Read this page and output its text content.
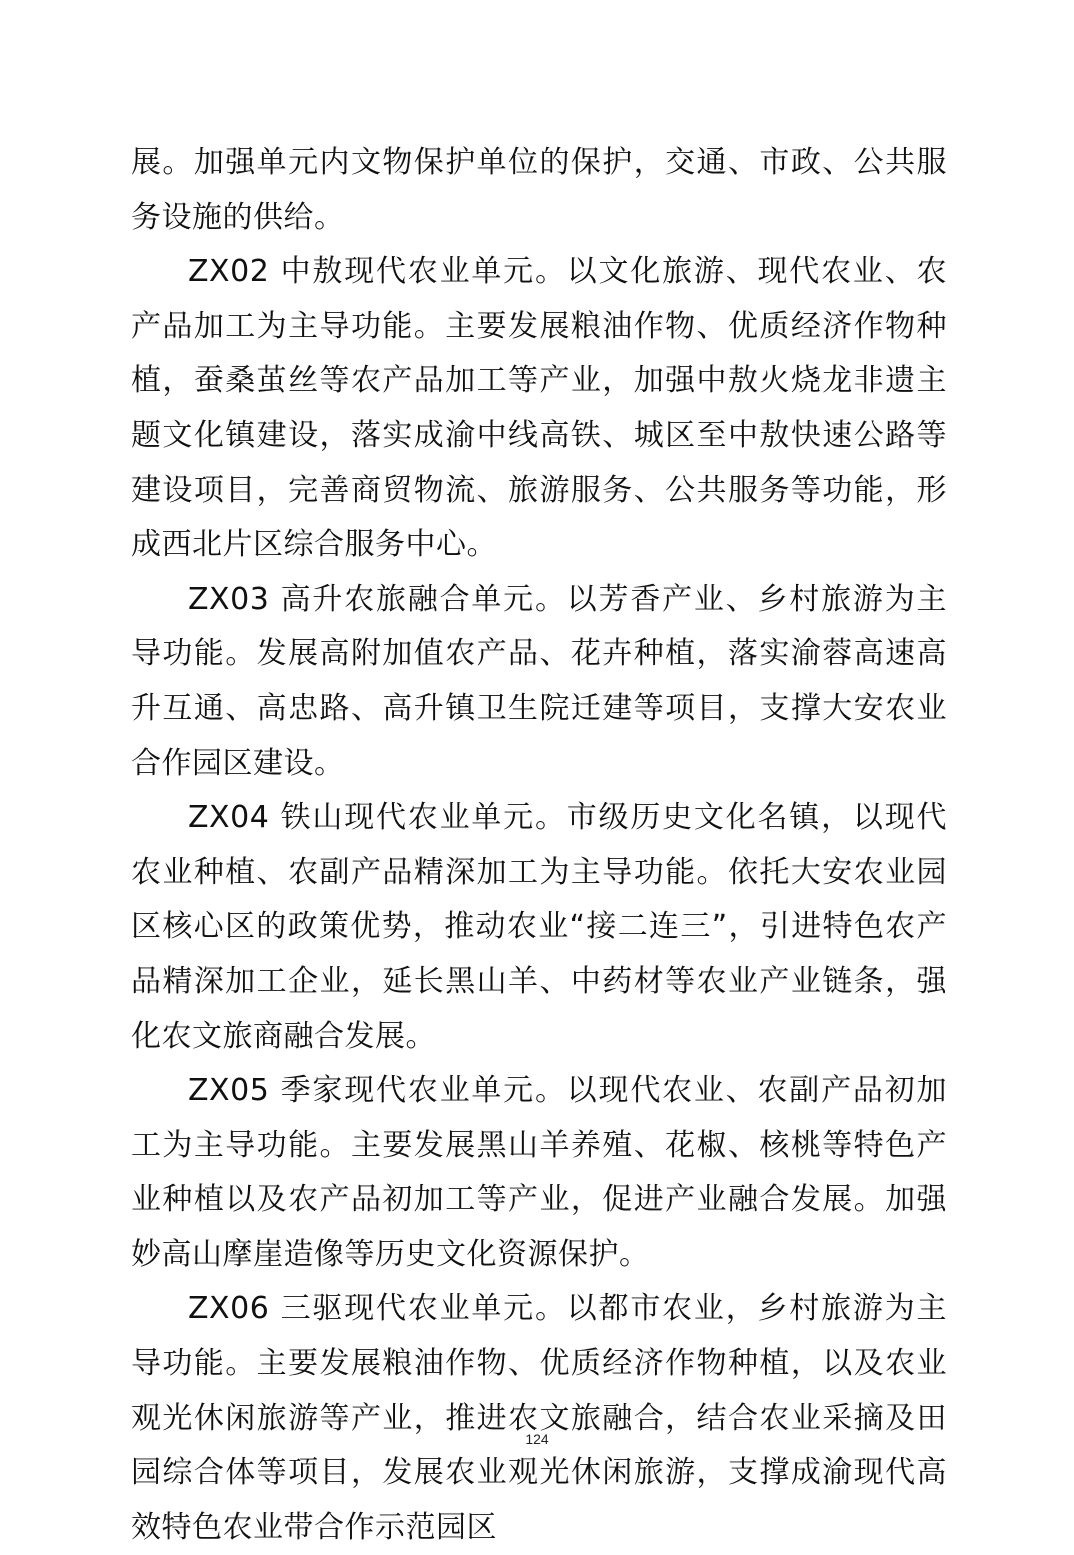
展。加强单元内文物保护单位的保护，交通、市政、公共服务设施的供给。

ZX02 中敖现代农业单元。以文化旅游、现代农业、农产品加工为主导功能。主要发展粮油作物、优质经济作物种植，蚕桑茧丝等农产品加工等产业，加强中敖火烧龙非遗主题文化镇建设，落实成渝中线高铁、城区至中敖快速公路等建设项目，完善商贸物流、旅游服务、公共服务等功能，形成西北片区综合服务中心。

ZX03 高升农旅融合单元。以芳香产业、乡村旅游为主导功能。发展高附加值农产品、花卉种植，落实渝蓉高速高升互通、高忠路、高升镇卫生院迁建等项目，支撑大安农业合作园区建设。

ZX04 铁山现代农业单元。市级历史文化名镇，以现代农业种植、农副产品精深加工为主导功能。依托大安农业园区核心区的政策优势，推动农业“接二连三”，引进特色农产品精深加工企业，延长黑山羊、中药材等农业产业链条，强化农文旅商融合发展。

ZX05 季家现代农业单元。以现代农业、农副产品初加工为主导功能。主要发展黑山羊养殖、花椒、核桃等特色产业种植以及农产品初加工等产业，促进产业融合发展。加强妙高山摩崖造像等历史文化资源保护。

ZX06 三驱现代农业单元。以都市农业，乡村旅游为主导功能。主要发展粮油作物、优质经济作物种植，以及农业观光休闲旅游等产业，推进农文旅融合，结合农业采摘及田园综合体等项目，发展农业观光休闲旅游，支撑成渝现代高效特色农业带合作示范园区

124
